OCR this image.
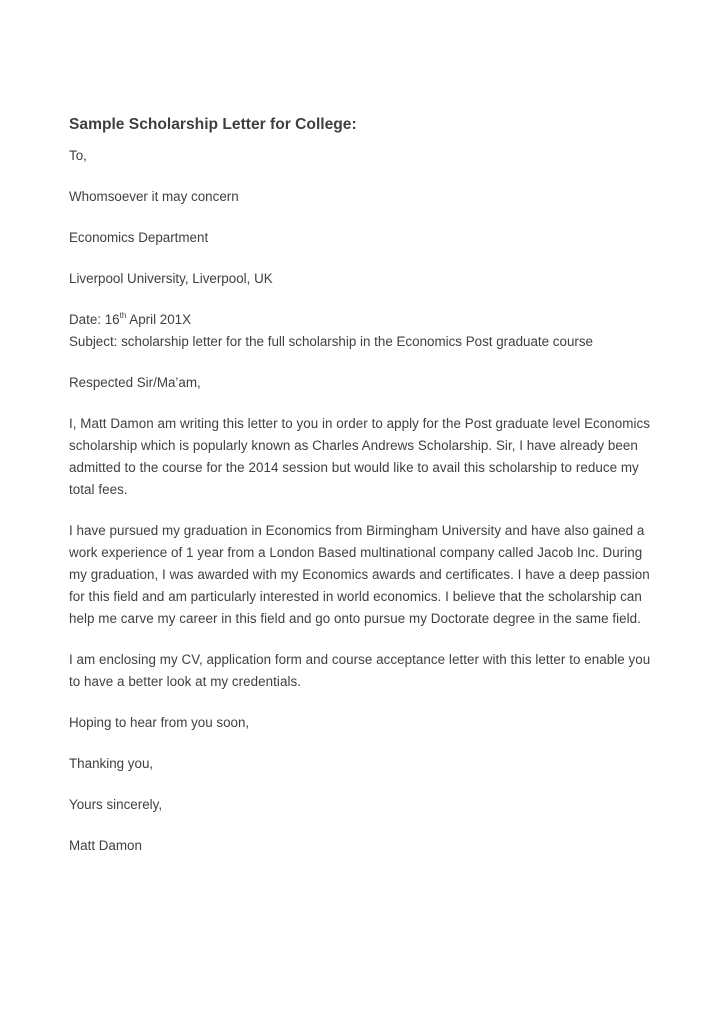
Sample Scholarship Letter for College:
To,
Whomsoever it may concern
Economics Department
Liverpool University, Liverpool, UK
Date: 16th April 201X
Subject: scholarship letter for the full scholarship in the Economics Post graduate course
Respected Sir/Ma’am,

I, Matt Damon am writing this letter to you in order to apply for the Post graduate level Economics scholarship which is popularly known as Charles Andrews Scholarship. Sir, I have already been admitted to the course for the 2014 session but would like to avail this scholarship to reduce my total fees.

I have pursued my graduation in Economics from Birmingham University and have also gained a work experience of 1 year from a London Based multinational company called Jacob Inc. During my graduation, I was awarded with my Economics awards and certificates. I have a deep passion for this field and am particularly interested in world economics. I believe that the scholarship can help me carve my career in this field and go onto pursue my Doctorate degree in the same field.

I am enclosing my CV, application form and course acceptance letter with this letter to enable you to have a better look at my credentials.

Hoping to hear from you soon,
Thanking you,
Yours sincerely,
Matt Damon
